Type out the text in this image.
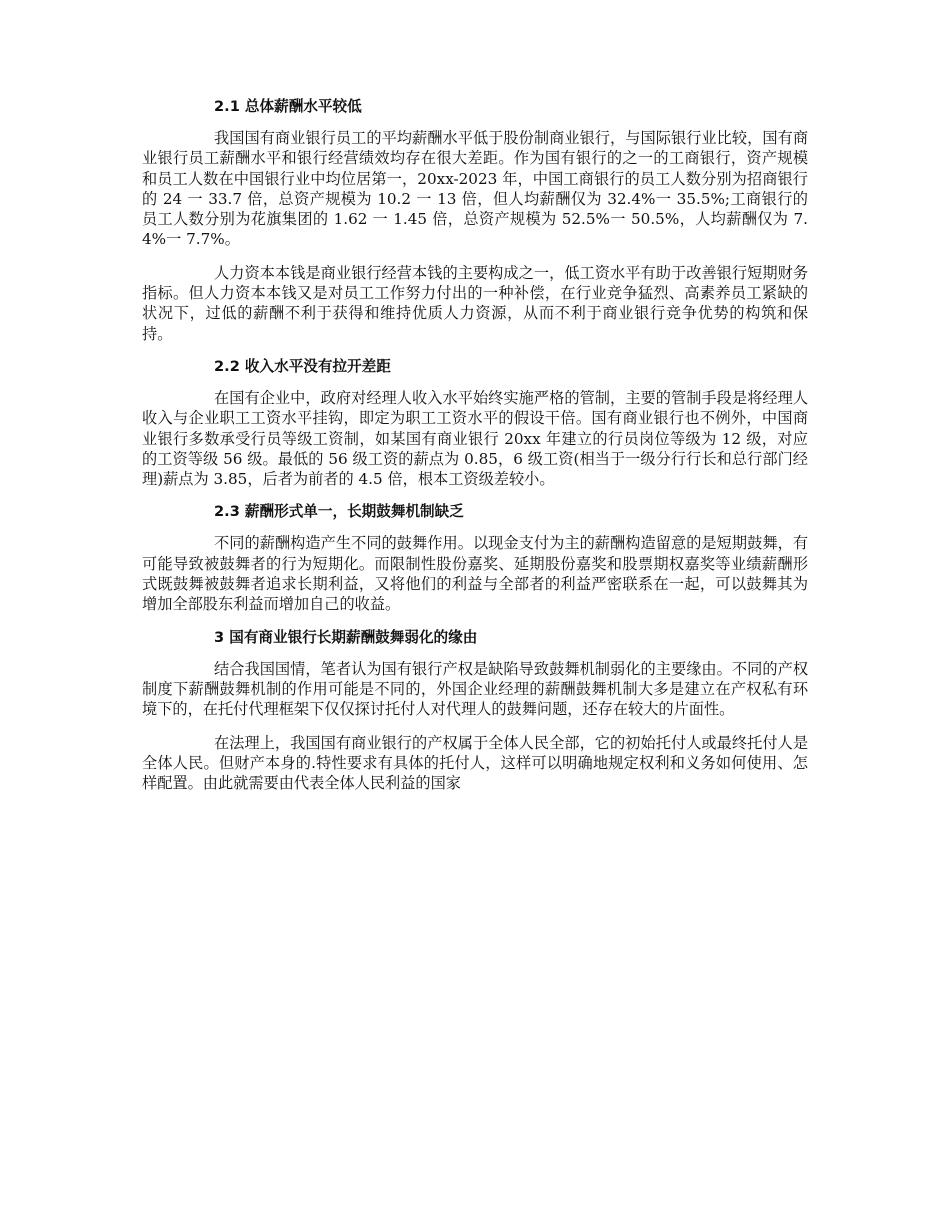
2.1 总体薪酬水平较低

我国国有商业银行员工的平均薪酬水平低于股份制商业银行，与国际银行业比较，国有商业银行员工薪酬水平和银行经营绩效均存在很大差距。作为国有银行的之一的工商银行，资产规模和员工人数在中国银行业中均位居第一，20xx-2023 年，中国工商银行的员工人数分别为招商银行的 24 一 33.7 倍，总资产规模为 10.2 一 13 倍，但人均薪酬仅为 32.4%一 35.5%;工商银行的员工人数分别为花旗集团的 1.62 一 1.45 倍，总资产规模为 52.5%一 50.5%，人均薪酬仅为 7.4%一 7.7%。

人力资本本钱是商业银行经营本钱的主要构成之一，低工资水平有助于改善银行短期财务指标。但人力资本本钱又是对员工工作努力付出的一种补偿，在行业竞争猛烈、高素养员工紧缺的状况下，过低的薪酬不利于获得和维持优质人力资源，从而不利于商业银行竞争优势的构筑和保持。

2.2 收入水平没有拉开差距

在国有企业中，政府对经理人收入水平始终实施严格的管制，主要的管制手段是将经理人收入与企业职工工资水平挂钩，即定为职工工资水平的假设干倍。国有商业银行也不例外，中国商业银行多数承受行员等级工资制，如某国有商业银行 20xx 年建立的行员岗位等级为 12 级，对应的工资等级 56 级。最低的 56 级工资的薪点为 0.85，6 级工资(相当于一级分行行长和总行部门经理)薪点为 3.85，后者为前者的 4.5 倍，根本工资级差较小。

2.3 薪酬形式单一，长期鼓舞机制缺乏

不同的薪酬构造产生不同的鼓舞作用。以现金支付为主的薪酬构造留意的是短期鼓舞，有可能导致被鼓舞者的行为短期化。而限制性股份嘉奖、延期股份嘉奖和股票期权嘉奖等业绩薪酬形式既鼓舞被鼓舞者追求长期利益，又将他们的利益与全部者的利益严密联系在一起，可以鼓舞其为增加全部股东利益而增加自己的收益。

3 国有商业银行长期薪酬鼓舞弱化的缘由

结合我国国情，笔者认为国有银行产权是缺陷导致鼓舞机制弱化的主要缘由。不同的产权制度下薪酬鼓舞机制的作用可能是不同的，外国企业经理的薪酬鼓舞机制大多是建立在产权私有环境下的，在托付代理框架下仅仅探讨托付人对代理人的鼓舞问题，还存在较大的片面性。

在法理上，我国国有商业银行的产权属于全体人民全部，它的初始托付人或最终托付人是全体人民。但财产本身的.特性要求有具体的托付人，这样可以明确地规定权利和义务如何使用、怎样配置。由此就需要由代表全体人民利益的国家
